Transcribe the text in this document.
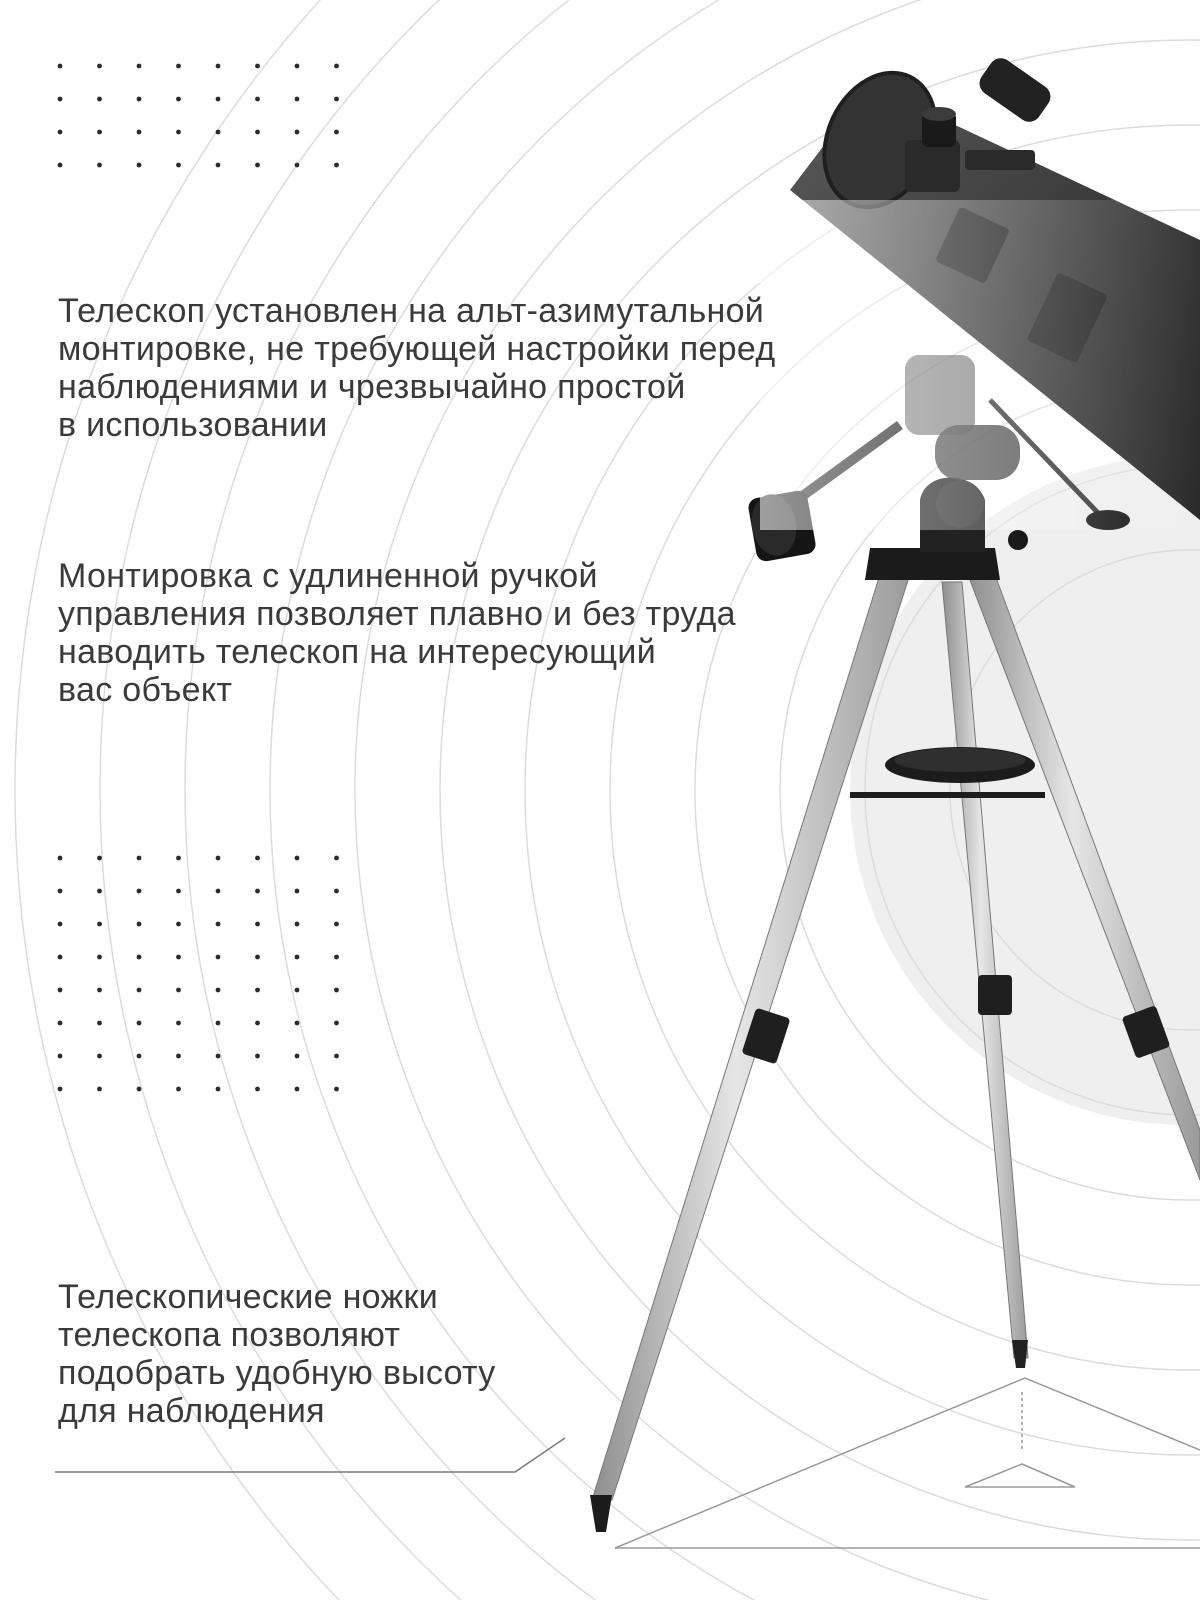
Телескоп установлен на альт-азимутальной
монтировке, не требующей настройки перед
наблюдениями и чрезвычайно простой
в использовании

Монтировка с удлиненной ручкой
управления позволяет плавно и без труда
наводить телескоп на интересующий
вас объект

Телескопические ножки
телескопа позволяют
подобрать удобную высоту
для наблюдения
